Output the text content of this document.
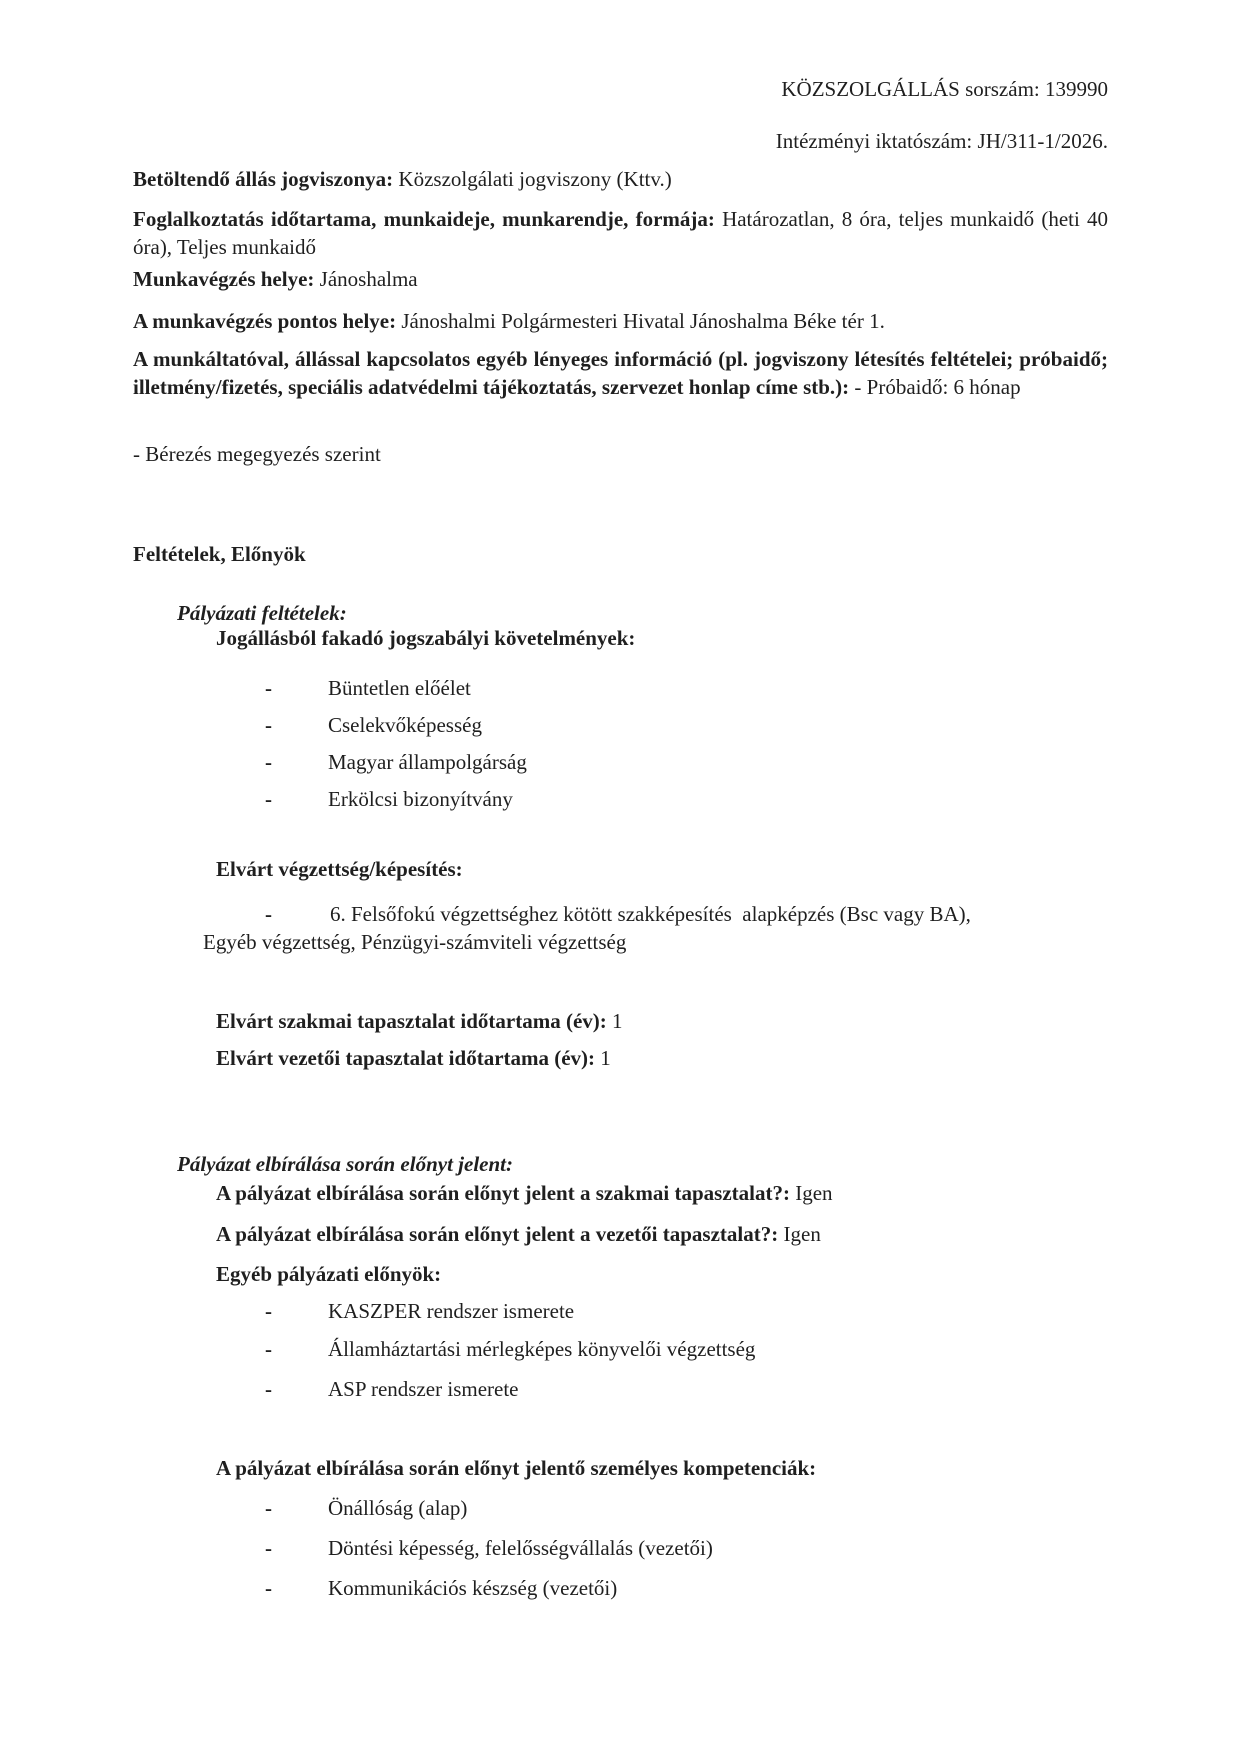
KÖZSZOLGÁLLÁS sorszám: 139990

Intézményi iktatószám: JH/311-1/2026.

Betöltendő állás jogviszonya: Közszolgálati jogviszony (Kttv.)

Foglalkoztatás időtartama, munkaideje, munkarendje, formája: Határozatlan, 8 óra, teljes munkaidő (heti 40 óra), Teljes munkaidő

Munkavégzés helye: Jánoshalma

A munkavégzés pontos helye: Jánoshalmi Polgármesteri Hivatal Jánoshalma Béke tér 1.

A munkáltatóval, állással kapcsolatos egyéb lényeges információ (pl. jogviszony létesítés feltételei; próbaidő; illetmény/fizetés, speciális adatvédelmi tájékoztatás, szervezet honlap címe stb.): - Próbaidő: 6 hónap

- Bérezés megegyezés szerint

Feltételek, Előnyök

Pályázati feltételek:

Jogállásból fakadó jogszabályi követelmények:

-	Büntetlen előélet

-	Cselekvőképesség

-	Magyar állampolgárság

-	Erkölcsi bizonyítvány

Elvárt végzettség/képesítés:

-	6. Felsőfokú végzettséghez kötött szakképesítés  alapképzés (Bsc vagy BA),

Egyéb végzettség, Pénzügyi-számviteli végzettség

Elvárt szakmai tapasztalat időtartama (év): 1

Elvárt vezetői tapasztalat időtartama (év): 1

Pályázat elbírálása során előnyt jelent:

A pályázat elbírálása során előnyt jelent a szakmai tapasztalat?: Igen

A pályázat elbírálása során előnyt jelent a vezetői tapasztalat?: Igen

Egyéb pályázati előnyök:

-	KASZPER rendszer ismerete

-	Államháztartási mérlegképes könyvelői végzettség

-	ASP rendszer ismerete

A pályázat elbírálása során előnyt jelentő személyes kompetenciák:

-	Önállóság (alap)

-	Döntési képesség, felelősségvállalás (vezetői)

-	Kommunikációs készség (vezetői)
